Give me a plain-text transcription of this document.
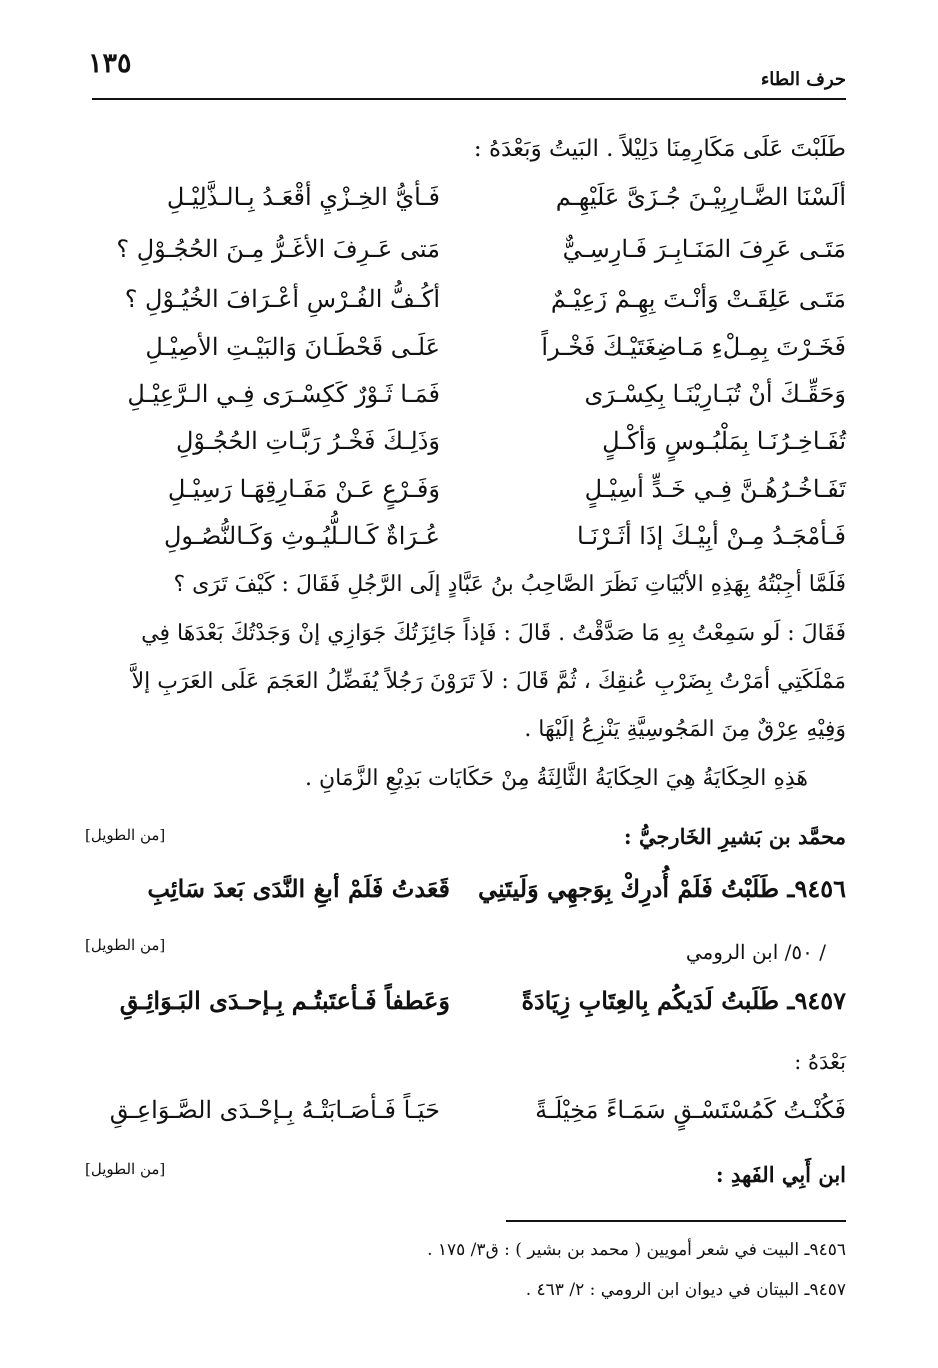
١٣٥
حرف الطاء
طَلَبْتَ عَلَى مَكَارِمِنَا دَلِيْلاً . البَيتُ وَبَعْدَهُ :
ألَسْنَا الضَّـارِبِيْـنَ جُـزَىَّ عَلَيْهِـم
فَـأيُّ الخِـزْيِ أقْعَـدُ بِـالـذَّلِيْـلِ
مَتَـى عَرِفَ المَنَـابِـرَ فَـارِسِـيٌّ
مَتى عَـرِفَ الأغَـرُّ مِـنَ الحُجُـوْلِ ؟
مَتَـى عَلِقَـتْ وَأنْـتَ بِهِـمْ زَعِيْـمٌ
أكُـفُّ الفُـرْسِ أعْـرَافَ الخُيُـوْلِ ؟
فَخَـرْتَ بِمِـلْءِ مَـاضِغَتَيْـكَ فَخْـراً
عَلَـى قَحْطَـانَ وَالبَيْـتِ الأصِيْـلِ
وَحَقِّـكَ أنْ تُبَـارِيْنَـا بِكِسْـرَى
فَمَـا ثَـوْرٌ كَكِسْـرَى فِـي الـرَّعِيْـلِ
تُفَـاخِـرُنَـا بِمَلْبُـوسٍ وَأكْـلٍ
وَذَلِـكَ فَخْـرُ رَبَّـاتِ الحُجُـوْلِ
تَفَـاخُـرُهُـنَّ فِـي خَـدٍّ أسِيْـلٍ
وَفَـرْعٍ عَـنْ مَفَـارِقِهَـا رَسِيْـلِ
فَـأمْجَـدُ مِـنْ أبِيْـكَ إذَا أثَـرْنَـا
عُـرَاةٌ كَـالـلُّيُـوثِ وَكَـالنُّصُـولِ
فَلَمَّا أجِبْتُهُ بِهَذِهِ الأبْيَاتِ نَظَرَ الصَّاحِبُ بنُ عَبَّادٍ إلَى الرَّجُلِ فَقَالَ : كَيْفَ تَرَى ؟
فَقَالَ : لَو سَمِعْتُ بِهِ مَا صَدَّقْتُ . قَالَ : فَإذاً جَائِزَتُكَ جَوَازِي إنْ وَجَدْتُكَ بَعْدَهَا فِي
مَمْلَكَتِي أمَرْتُ بِضَرْبِ عُنقِكَ ، ثُمَّ قَالَ : لاَ تَرَوْنَ رَجُلاً يُفَضِّلُ العَجَمَ عَلَى العَرَبِ إلاَّ
وَفِيْهِ عِرْقٌ مِنَ المَجُوسِيَّةِ يَنْزِعُ إلَيْهَا .
هَذِهِ الحِكَايَةُ هِيَ الحِكَايَةُ الثَّالِثَةُ مِنْ حَكَايَات بَدِيْعِ الزَّمَانِ .
محمَّد بن بَشيرِ الخَارجيُّ :
[من الطويل]
٩٤٥٦ـ طَلَبْتُ فَلَمْ أُدرِكْ بِوَجهِي وَلَيتَنِي
قَعَدتُ فَلَمْ أبغِ النَّدَى بَعدَ سَائِبِ
/ ٥٠/ ابن الرومي
[من الطويل]
٩٤٥٧ـ طَلَبتُ لَدَيكُم بِالعِتَابِ زِيَادَةً
وَعَطفاً فَـأعتَبتُـم بِـإحـدَى البَـوَائِـقِ
بَعْدَهُ :
فَكُنْـتُ كَمُسْتَسْـقٍ سَمَـاءً مَخِيْلَـةً
حَيَـاً فَـأصَـابَتْـهُ بِـإحْـدَى الصَّـوَاعِـقِ
ابن أَبِي الفَهدِ :
[من الطويل]
٩٤٥٦ـ البيت في شعر أمويين ( محمد بن بشير ) : ق٣/ ١٧٥ .
٩٤٥٧ـ البيتان في ديوان ابن الرومي : ٢/ ٤٦٣ .
